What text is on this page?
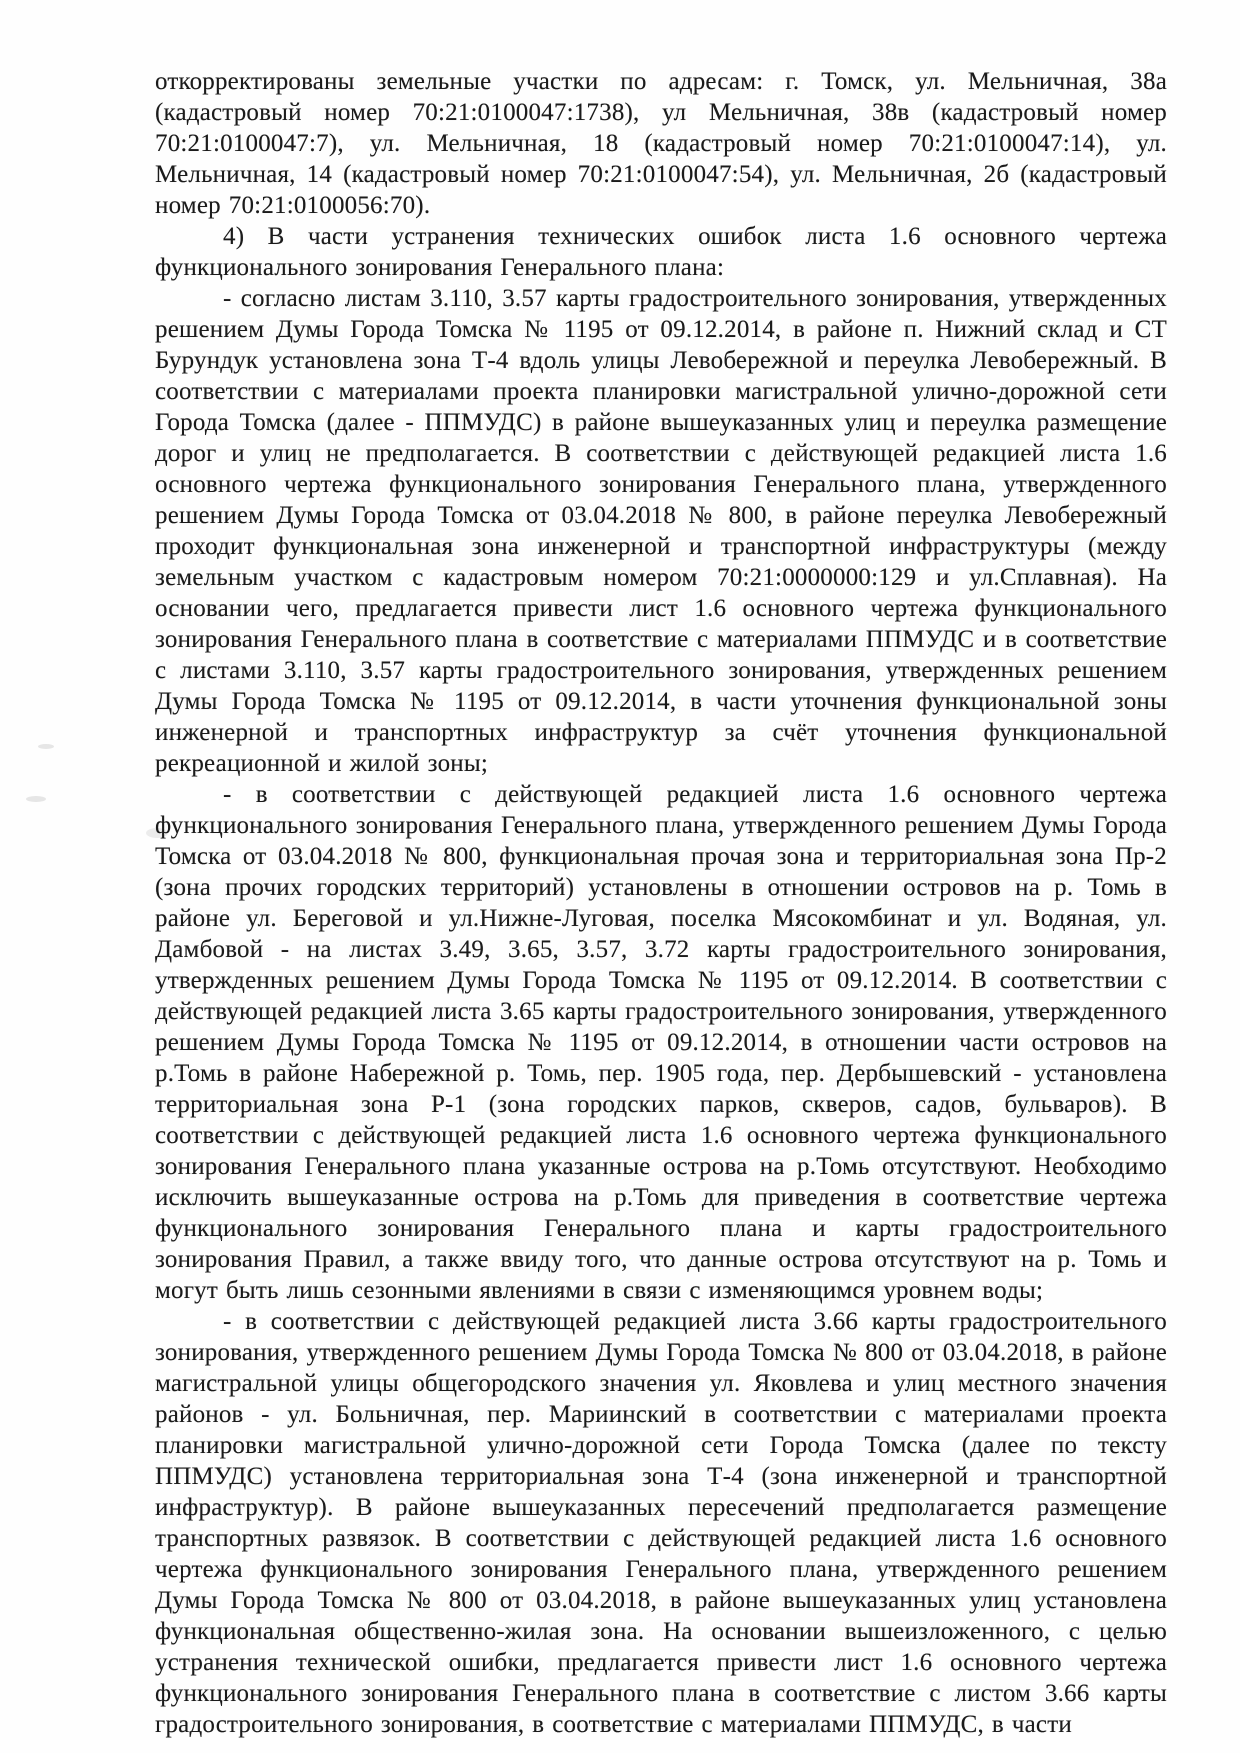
откорректированы земельные участки по адресам: г. Томск, ул. Мельничная, 38а (кадастровый номер 70:21:0100047:1738), ул Мельничная, 38в (кадастровый номер 70:21:0100047:7), ул. Мельничная, 18 (кадастровый номер 70:21:0100047:14), ул. Мельничная, 14 (кадастровый номер 70:21:0100047:54), ул. Мельничная, 2б (кадастровый номер 70:21:0100056:70).

4) В части устранения технических ошибок листа 1.6 основного чертежа функционального зонирования Генерального плана:

- согласно листам 3.110, 3.57 карты градостроительного зонирования, утвержденных решением Думы Города Томска № 1195 от 09.12.2014, в районе п. Нижний склад и СТ Бурундук установлена зона Т-4 вдоль улицы Левобережной и переулка Левобережный. В соответствии с материалами проекта планировки магистральной улично-дорожной сети Города Томска (далее - ППМУДС) в районе вышеуказанных улиц и переулка размещение дорог и улиц не предполагается. В соответствии с действующей редакцией листа 1.6 основного чертежа функционального зонирования Генерального плана, утвержденного решением Думы Города Томска от 03.04.2018 № 800, в районе переулка Левобережный проходит функциональная зона инженерной и транспортной инфраструктуры (между земельным участком с кадастровым номером 70:21:0000000:129 и ул.Сплавная). На основании чего, предлагается привести лист 1.6 основного чертежа функционального зонирования Генерального плана в соответствие с материалами ППМУДС и в соответствие с листами 3.110, 3.57 карты градостроительного зонирования, утвержденных решением Думы Города Томска № 1195 от 09.12.2014, в части уточнения функциональной зоны инженерной и транспортных инфраструктур за счёт уточнения функциональной рекреационной и жилой зоны;

- в соответствии с действующей редакцией листа 1.6 основного чертежа функционального зонирования Генерального плана, утвержденного решением Думы Города Томска от 03.04.2018 № 800, функциональная прочая зона и территориальная зона Пр-2 (зона прочих городских территорий) установлены в отношении островов на р. Томь в районе ул. Береговой и ул.Нижне-Луговая, поселка Мясокомбинат и ул. Водяная, ул. Дамбовой - на листах 3.49, 3.65, 3.57, 3.72 карты градостроительного зонирования, утвержденных решением Думы Города Томска № 1195 от 09.12.2014. В соответствии с действующей редакцией листа 3.65 карты градостроительного зонирования, утвержденного решением Думы Города Томска № 1195 от 09.12.2014, в отношении части островов на р.Томь в районе Набережной р. Томь, пер. 1905 года, пер. Дербышевский - установлена территориальная зона Р-1 (зона городских парков, скверов, садов, бульваров). В соответствии с действующей редакцией листа 1.6 основного чертежа функционального зонирования Генерального плана указанные острова на р.Томь отсутствуют. Необходимо исключить вышеуказанные острова на р.Томь для приведения в соответствие чертежа функционального зонирования Генерального плана и карты градостроительного зонирования Правил, а также ввиду того, что данные острова отсутствуют на р. Томь и могут быть лишь сезонными явлениями в связи с изменяющимся уровнем воды;

- в соответствии с действующей редакцией листа 3.66 карты градостроительного зонирования, утвержденного решением Думы Города Томска № 800 от 03.04.2018, в районе магистральной улицы общегородского значения ул. Яковлева и улиц местного значения районов - ул. Больничная, пер. Мариинский в соответствии с материалами проекта планировки магистральной улично-дорожной сети Города Томска (далее по тексту ППМУДС) установлена территориальная зона Т-4 (зона инженерной и транспортной инфраструктур). В районе вышеуказанных пересечений предполагается размещение транспортных развязок. В соответствии с действующей редакцией листа 1.6 основного чертежа функционального зонирования Генерального плана, утвержденного решением Думы Города Томска № 800 от 03.04.2018, в районе вышеуказанных улиц установлена функциональная общественно-жилая зона. На основании вышеизложенного, с целью устранения технической ошибки, предлагается привести лист 1.6 основного чертежа функционального зонирования Генерального плана в соответствие с листом 3.66 карты градостроительного зонирования, в соответствие с материалами ППМУДС, в части
